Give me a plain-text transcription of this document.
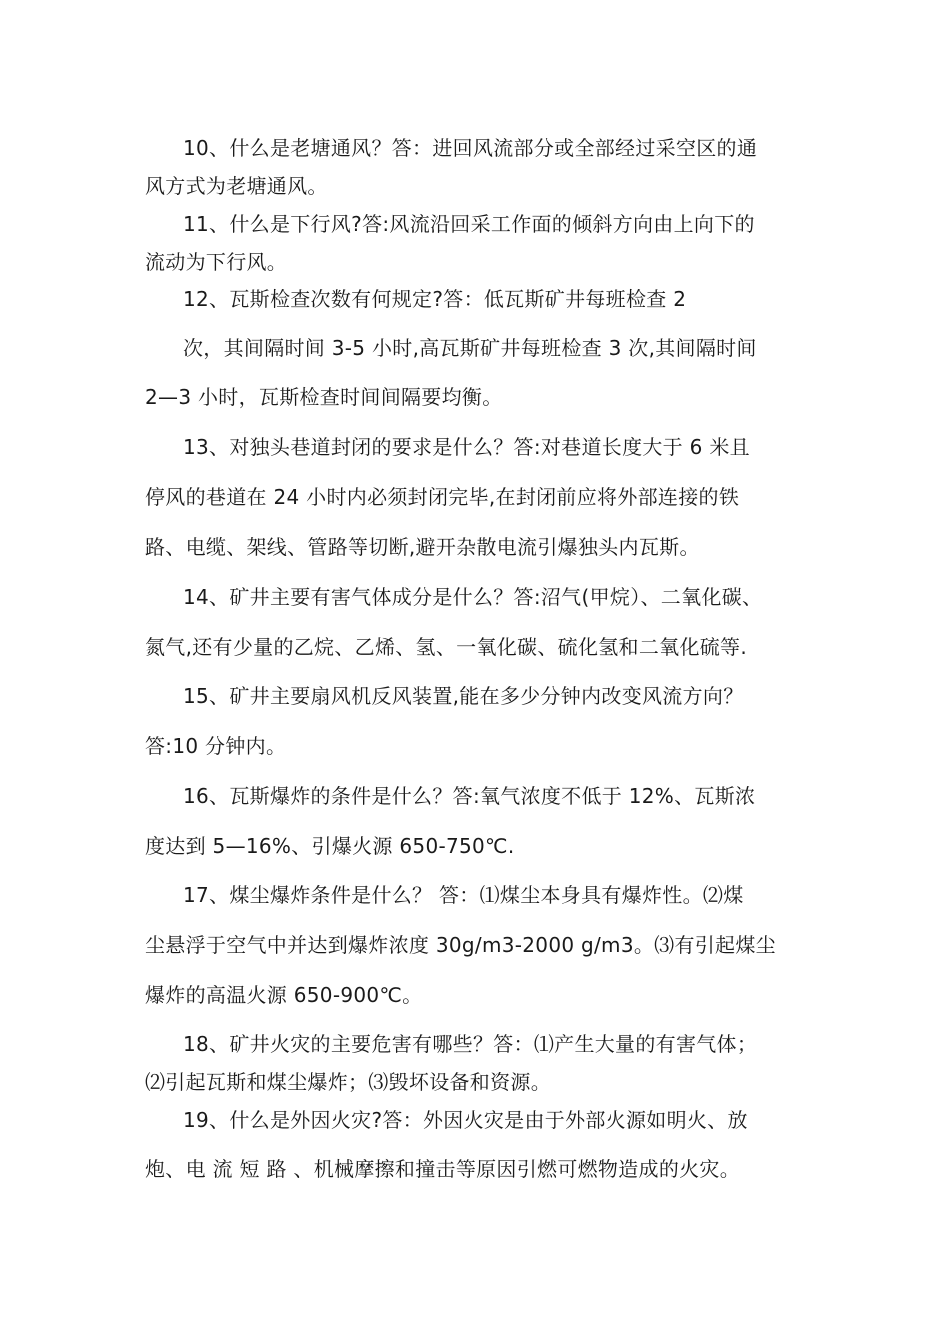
10、什么是老塘通风？答：进回风流部分或全部经过采空区的通
风方式为老塘通风。
11、什么是下行风?答:风流沿回采工作面的倾斜方向由上向下的
流动为下行风。
12、瓦斯检查次数有何规定?答：低瓦斯矿井每班检查 2
次，其间隔时间 3-5 小时,高瓦斯矿井每班检查 3 次,其间隔时间
2—3 小时，瓦斯检查时间间隔要均衡。
13、对独头巷道封闭的要求是什么？答:对巷道长度大于 6 米且
停风的巷道在 24 小时内必须封闭完毕,在封闭前应将外部连接的铁
路、电缆、架线、管路等切断,避开杂散电流引爆独头内瓦斯。
14、矿井主要有害气体成分是什么？答:沼气(甲烷）、二氧化碳、
氮气,还有少量的乙烷、乙烯、氢、一氧化碳、硫化氢和二氧化硫等.
15、矿井主要扇风机反风装置,能在多少分钟内改变风流方向？
答:10 分钟内。
16、瓦斯爆炸的条件是什么？答:氧气浓度不低于 12%、瓦斯浓
度达到 5—16%、引爆火源 650-750℃.
17、煤尘爆炸条件是什么？ 答：⑴煤尘本身具有爆炸性。⑵煤
尘悬浮于空气中并达到爆炸浓度 30g/m3-2000 g/m3。⑶有引起煤尘
爆炸的高温火源 650-900℃。
18、矿井火灾的主要危害有哪些？答：⑴产生大量的有害气体；
⑵引起瓦斯和煤尘爆炸；⑶毁坏设备和资源。
19、什么是外因火灾?答：外因火灾是由于外部火源如明火、放
炮、电 流 短 路 、机械摩擦和撞击等原因引燃可燃物造成的火灾。
